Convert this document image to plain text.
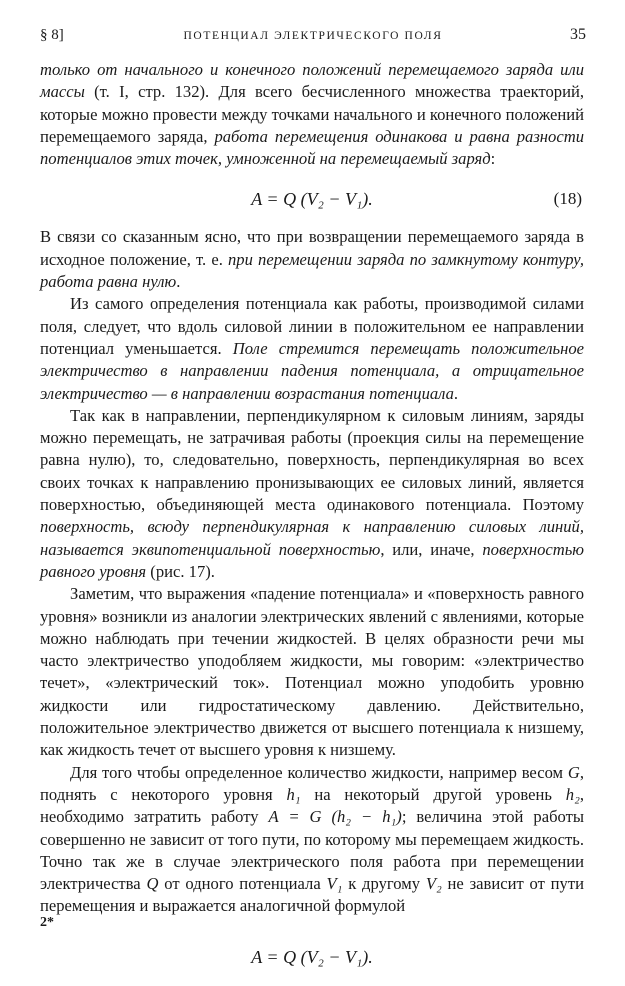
§ 8]	ПОТЕНЦИАЛ ЭЛЕКТРИЧЕСКОГО ПОЛЯ	35

только от начального и конечного положений перемещаемого заряда или массы (т. I, стр. 132). Для всего бесчисленного множества траекторий, которые можно провести между точками начального и конечного положений перемещаемого заряда, работа перемещения одинакова и равна разности потенциалов этих точек, умноженной на перемещаемый заряд:

A = Q (V₂ − V₁).	(18)

В связи со сказанным ясно, что при возвращении перемещаемого заряда в исходное положение, т. е. при перемещении заряда по замкнутому контуру, работа равна нулю.

Из самого определения потенциала как работы, производимой силами поля, следует, что вдоль силовой линии в положительном ее направлении потенциал уменьшается. Поле стремится перемещать положительное электричество в направлении падения потенциала, а отрицательное электричество — в направлении возрастания потенциала.

Так как в направлении, перпендикулярном к силовым линиям, заряды можно перемещать, не затрачивая работы (проекция силы на перемещение равна нулю), то, следовательно, поверхность, перпендикулярная во всех своих точках к направлению пронизывающих ее силовых линий, является поверхностью, объединяющей места одинакового потенциала. Поэтому поверхность, всюду перпендикулярная к направлению силовых линий, называется эквипотенциальной поверхностью, или, иначе, поверхностью равного уровня (рис. 17).

Заметим, что выражения «падение потенциала» и «поверхность равного уровня» возникли из аналогии электрических явлений с явлениями, которые можно наблюдать при течении жидкостей. В целях образности речи мы часто электричество уподобляем жидкости, мы говорим: «электричество течет», «электрический ток». Потенциал можно уподобить уровню жидкости или гидростатическому давлению. Действительно, положительное электричество движется от высшего потенциала к низшему, как жидкость течет от высшего уровня к низшему.

Для того чтобы определенное количество жидкости, например весом G, поднять с некоторого уровня h₁ на некоторый другой уровень h₂, необходимо затратить работу A = G (h₂ − h₁); величина этой работы совершенно не зависит от того пути, по которому мы перемещаем жидкость. Точно так же в случае электрического поля работа при перемещении электричества Q от одного потенциала V₁ к другому V₂ не зависит от пути перемещения и выражается аналогичной формулой

A = Q (V₂ − V₁).
2*
